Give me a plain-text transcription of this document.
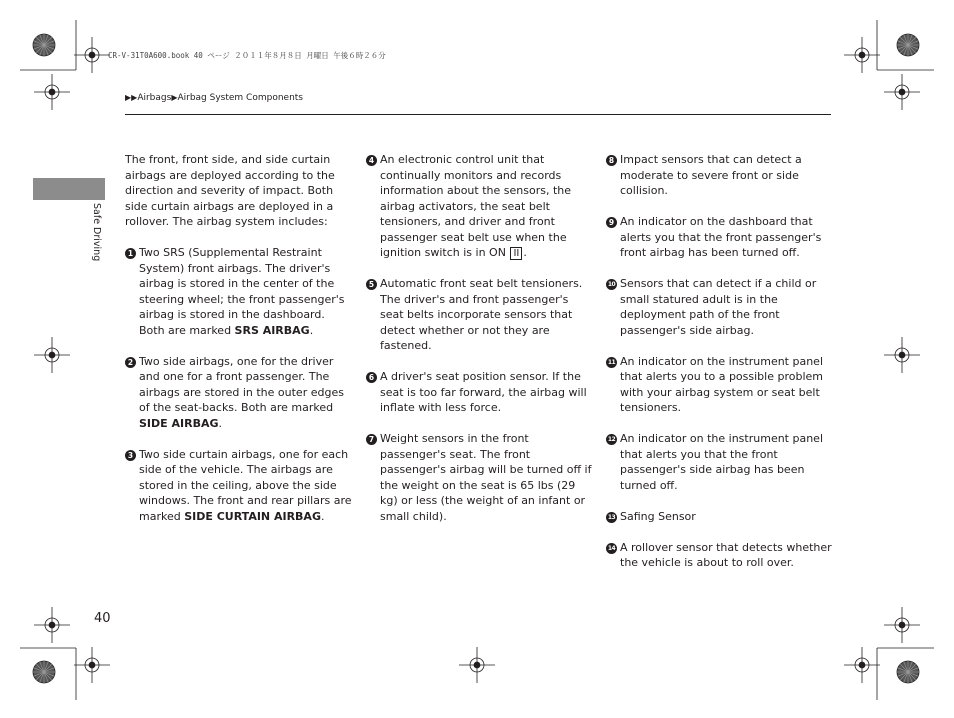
CR-V-31T0A600.book 40 ページ ２０１１年８月８日 月曜日 午後６時２６分
▶▶Airbags▶Airbag System Components
Safe Driving
40

The front, front side, and side curtain airbags are deployed according to the direction and severity of impact. Both side curtain airbags are deployed in a rollover. The airbag system includes:

1 Two SRS (Supplemental Restraint System) front airbags. The driver's airbag is stored in the center of the steering wheel; the front passenger's airbag is stored in the dashboard. Both are marked SRS AIRBAG.
2 Two side airbags, one for the driver and one for a front passenger. The airbags are stored in the outer edges of the seat-backs. Both are marked SIDE AIRBAG.
3 Two side curtain airbags, one for each side of the vehicle. The airbags are stored in the ceiling, above the side windows. The front and rear pillars are marked SIDE CURTAIN AIRBAG.
4 An electronic control unit that continually monitors and records information about the sensors, the airbag activators, the seat belt tensioners, and driver and front passenger seat belt use when the ignition switch is in ON II .
5 Automatic front seat belt tensioners. The driver's and front passenger's seat belts incorporate sensors that detect whether or not they are fastened.
6 A driver's seat position sensor. If the seat is too far forward, the airbag will inflate with less force.
7 Weight sensors in the front passenger's seat. The front passenger's airbag will be turned off if the weight on the seat is 65 lbs (29 kg) or less (the weight of an infant or small child).
8 Impact sensors that can detect a moderate to severe front or side collision.
9 An indicator on the dashboard that alerts you that the front passenger's front airbag has been turned off.
10 Sensors that can detect if a child or small statured adult is in the deployment path of the front passenger's side airbag.
11 An indicator on the instrument panel that alerts you to a possible problem with your airbag system or seat belt tensioners.
12 An indicator on the instrument panel that alerts you that the front passenger's side airbag has been turned off.
13 Safing Sensor
14 A rollover sensor that detects whether the vehicle is about to roll over.
